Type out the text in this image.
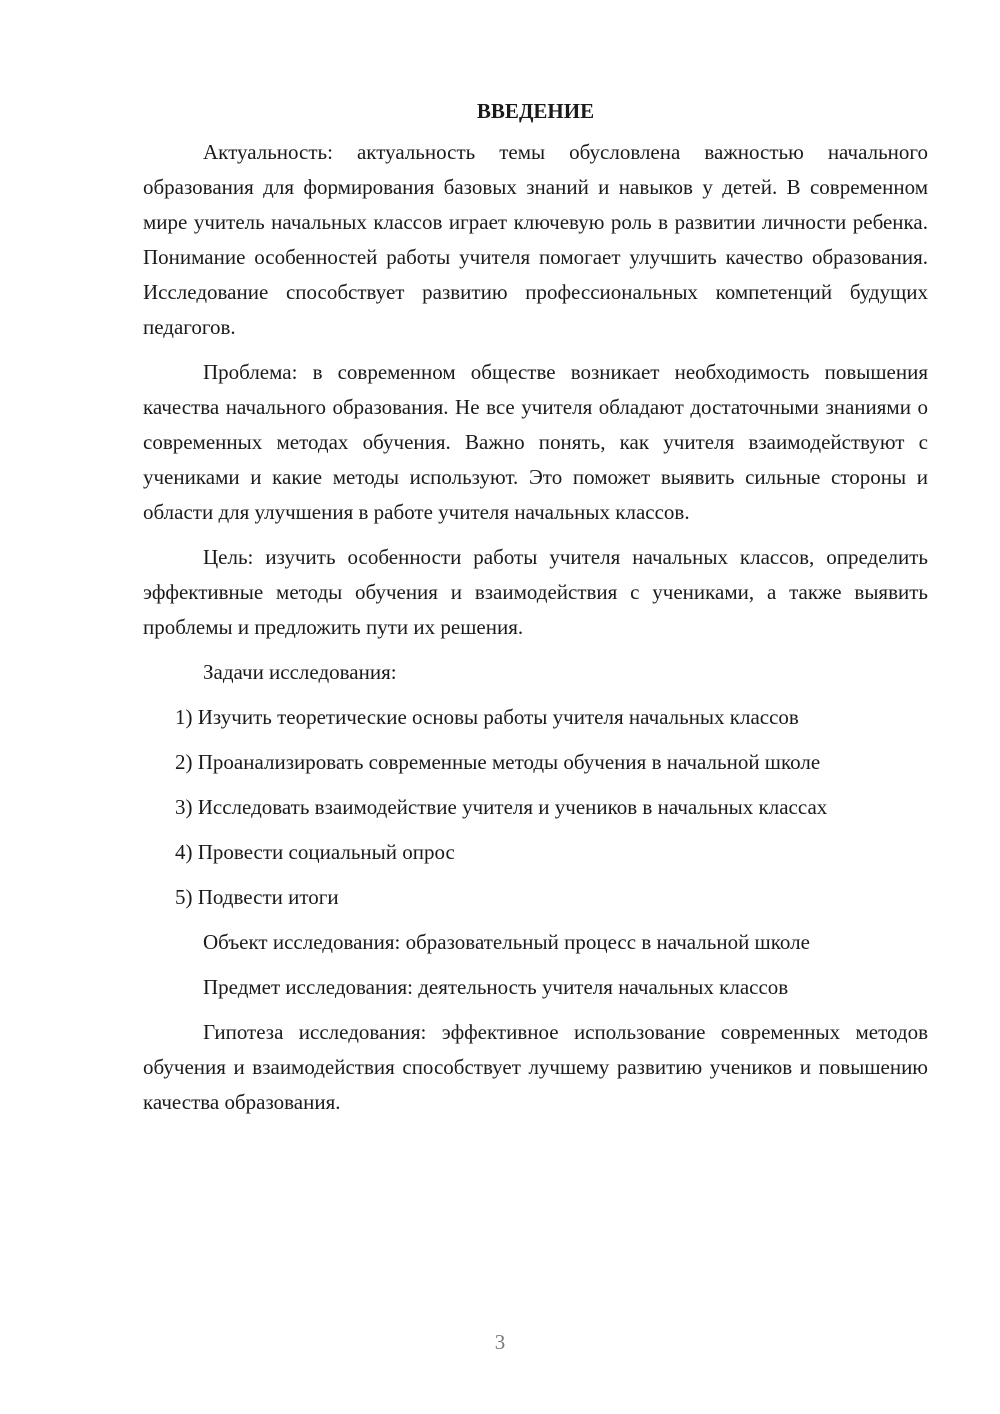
ВВЕДЕНИЕ

Актуальность: актуальность темы обусловлена важностью начального образования для формирования базовых знаний и навыков у детей. В современном мире учитель начальных классов играет ключевую роль в развитии личности ребенка. Понимание особенностей работы учителя помогает улучшить качество образования. Исследование способствует развитию профессиональных компетенций будущих педагогов.

Проблема: в современном обществе возникает необходимость повышения качества начального образования. Не все учителя обладают достаточными знаниями о современных методах обучения. Важно понять, как учителя взаимодействуют с учениками и какие методы используют. Это поможет выявить сильные стороны и области для улучшения в работе учителя начальных классов.

Цель: изучить особенности работы учителя начальных классов, определить эффективные методы обучения и взаимодействия с учениками, а также выявить проблемы и предложить пути их решения.

Задачи исследования:

1) Изучить теоретические основы работы учителя начальных классов

2) Проанализировать современные методы обучения в начальной школе

3) Исследовать взаимодействие учителя и учеников в начальных классах

4) Провести социальный опрос

5) Подвести итоги

Объект исследования: образовательный процесс в начальной школе

Предмет исследования: деятельность учителя начальных классов

Гипотеза исследования: эффективное использование современных методов обучения и взаимодействия способствует лучшему развитию учеников и повышению качества образования.

3
